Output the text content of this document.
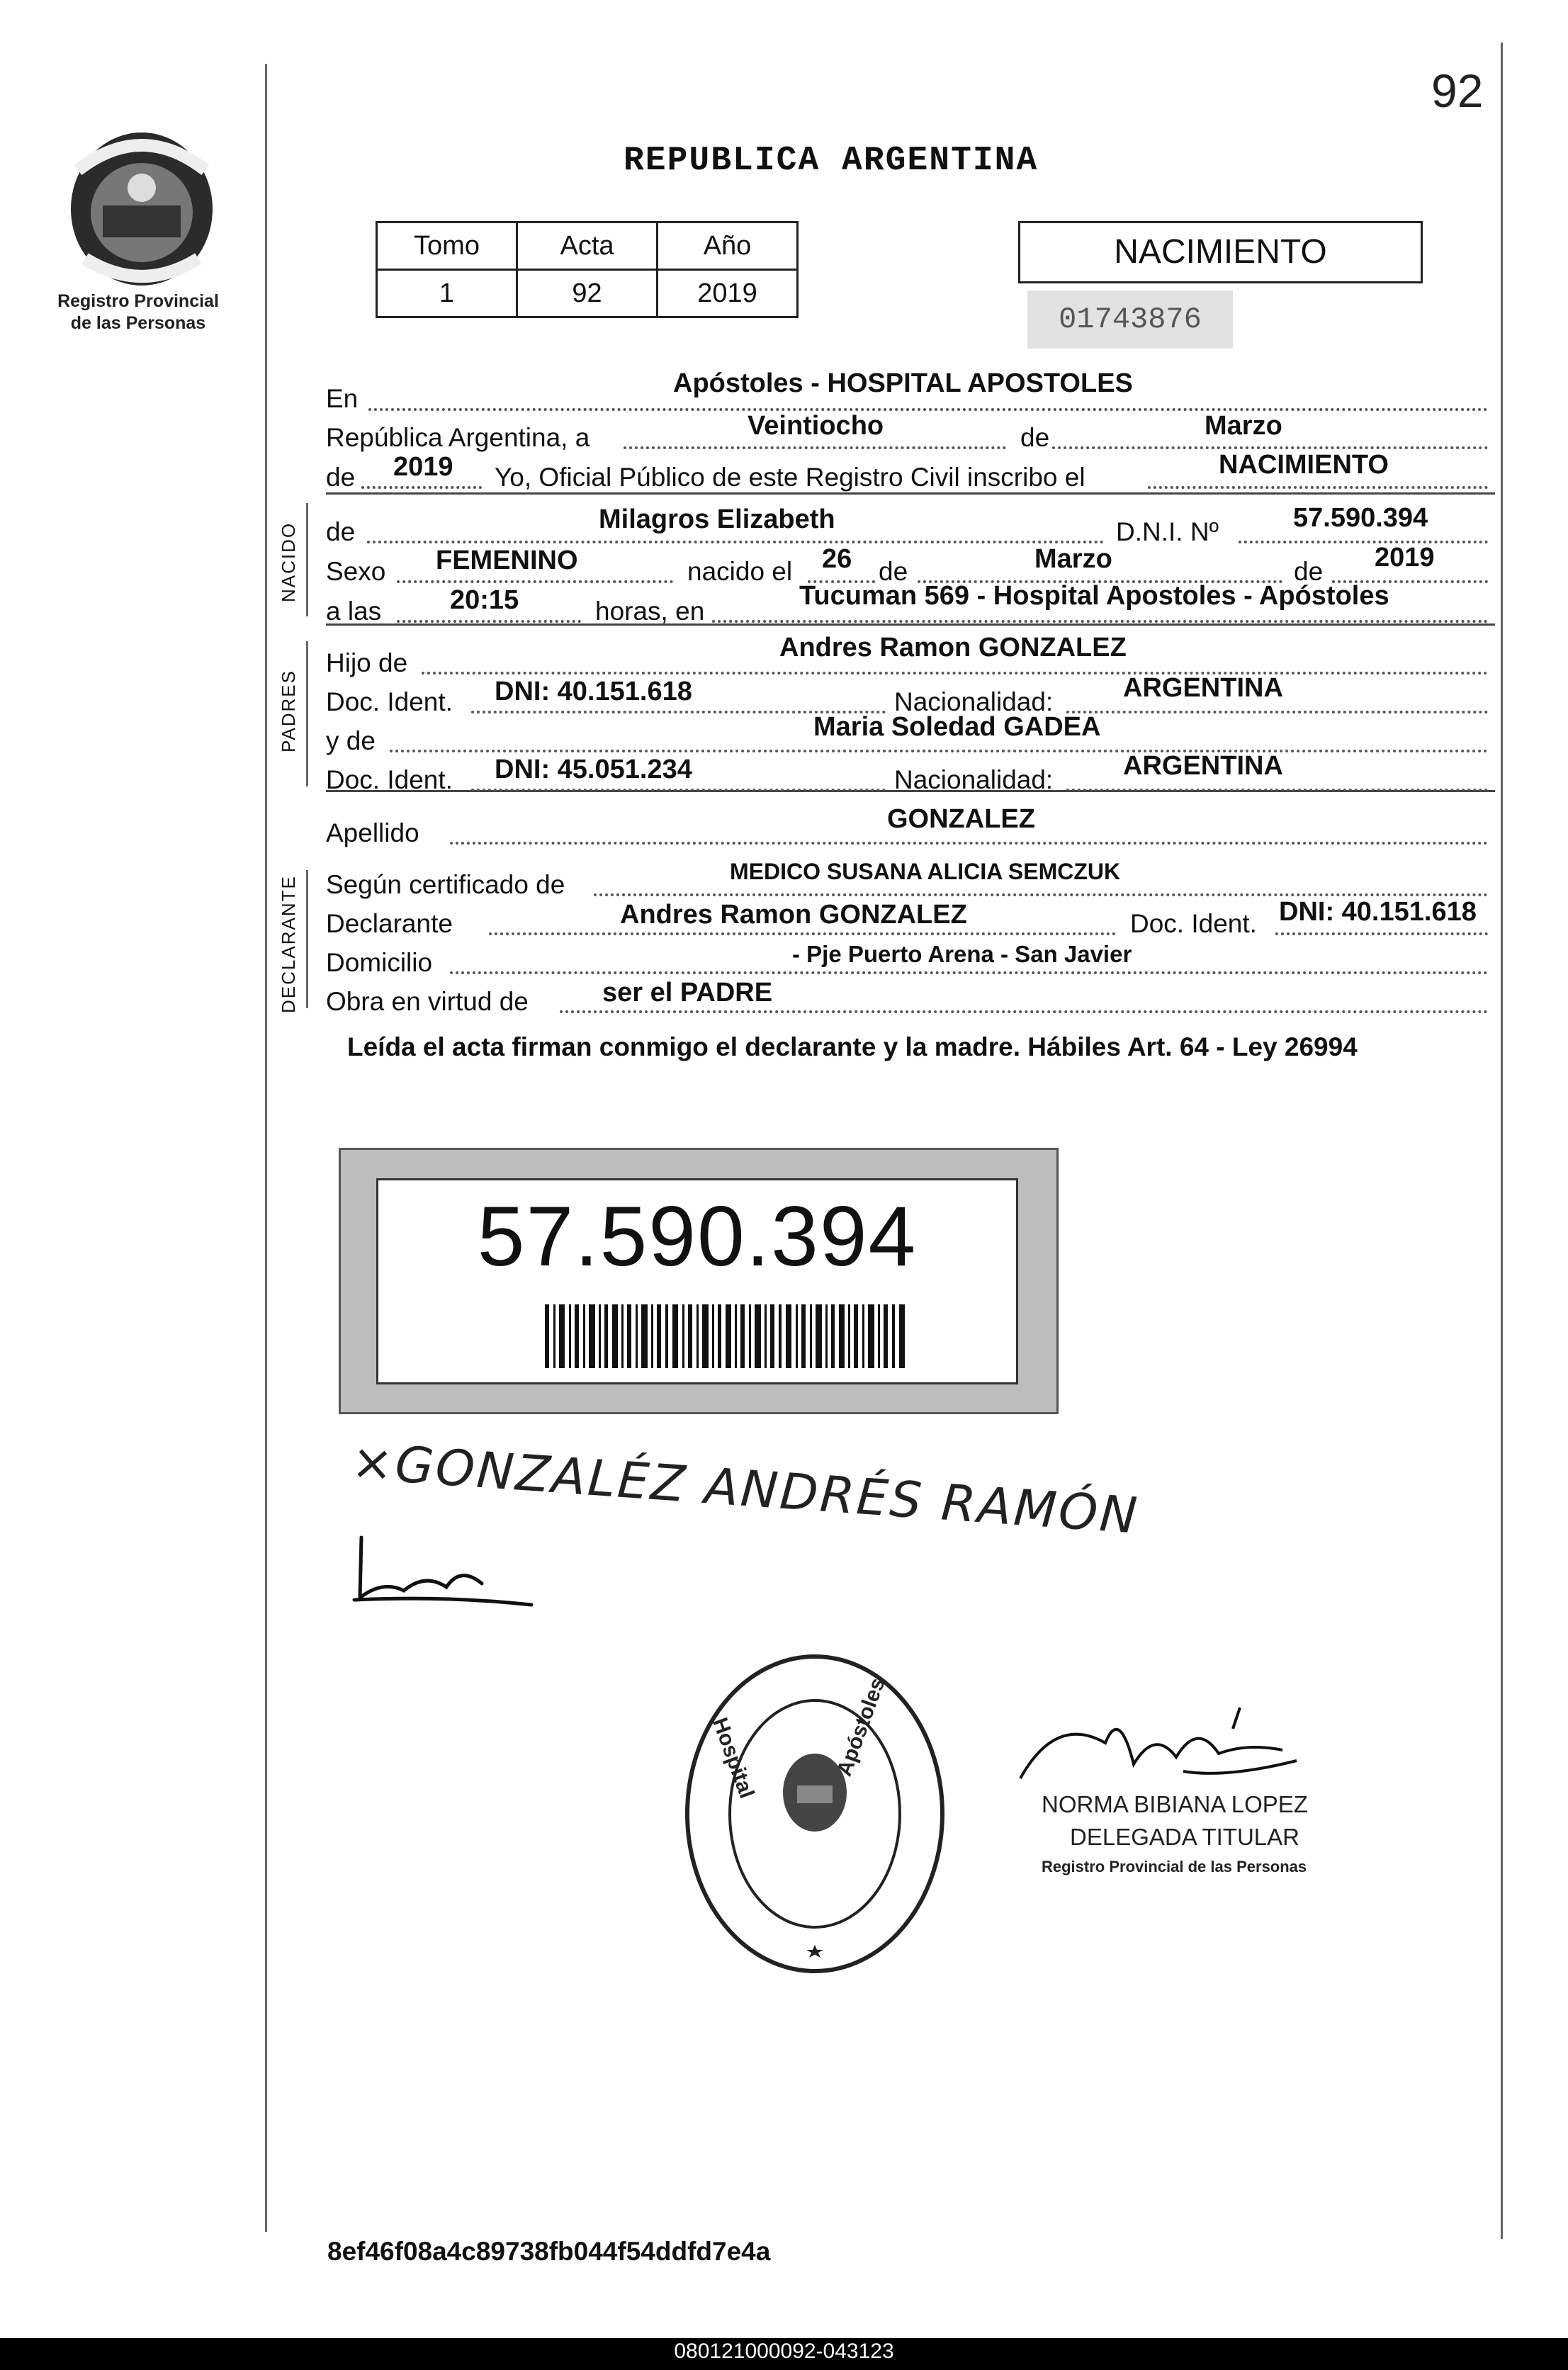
92
Registro Provincial
de las Personas
REPUBLICA ARGENTINA
Tomo	Acta	Año
1	92	2019
NACIMIENTO
01743876
NACIDO
PADRES
DECLARANTE
En
Apóstoles - HOSPITAL APOSTOLES
República Argentina, a	Veintiocho	de	Marzo
de 2019 Yo, Oficial Público de este Registro Civil inscribo el	NACIMIENTO
de	Milagros Elizabeth	D.N.I. Nº	57.590.394
Sexo FEMENINO	nacido el 26 de	Marzo	de 2019
a las	20:15	horas, en
Tucuman 569 - Hospital Apostoles - Apóstoles
Hijo de
Andres Ramon GONZALEZ
Doc. Ident. DNI: 40.151.618	Nacionalidad:	ARGENTINA
y de	Maria Soledad GADEA
Doc. Ident. DNI: 45.051.234	Nacionalidad:	ARGENTINA
Apellido	GONZALEZ
Según certificado de	MEDICO SUSANA ALICIA SEMCZUK
Declarante	Andres Ramon GONZALEZ	Doc. Ident. DNI: 40.151.618
Domicilio	- Pje Puerto Arena - San Javier
Obra en virtud de	ser el PADRE
Leída el acta firman conmigo el declarante y la madre. Hábiles Art. 64 - Ley 26994
57.590.394
×GONZALÉZ ANDRÉS RAMÓN
Hospital	Apóstoles
NORMA BIBIANA LOPEZ
DELEGADA TITULAR
Registro Provincial de las Personas
8ef46f08a4c89738fb044f54ddfd7e4a
080121000092-043123
